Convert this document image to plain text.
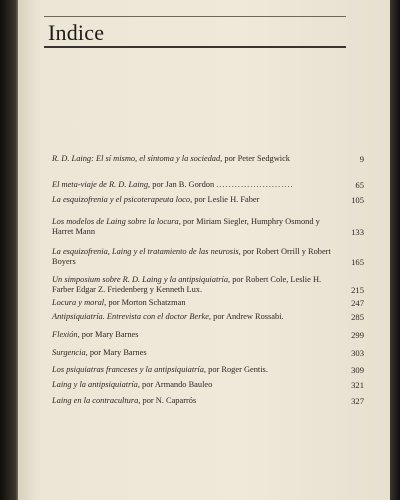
Indice
R. D. Laing: El sí mismo, el síntoma y la sociedad, por Peter Sedgwick	9
El meta-viaje de R. D. Laing, por Jan B. Gordon .........................	65
La esquizofrenia y el psicoterapeuta loco, por Leslie H. Faber	105
Los modelos de Laing sobre la locura, por Miriam Siegler, Humphry Osmond y Harret Mann	133
La esquizofrenia, Laing y el tratamiento de las neurosis, por Robert Orrill y Robert Boyers	165
Un simposium sobre R. D. Laing y la antipsiquiatría, por Robert Cole, Leslie H. Farber Edgar Z. Friedenberg y Kenneth Lux.	215
Locura y moral, por Morton Schatzman	247
Antipsiquiatría. Entrevista con el doctor Berke, por Andrew Rossabi.	285
Flexión, por Mary Barnes	299
Surgencia, por Mary Barnes	303
Los psiquiatras franceses y la antipsiquiatría, por Roger Gentis.	309
Laing y la antipsiquiatría, por Armando Bauleo	321
Laing en la contracultura, por N. Caparrós	327
